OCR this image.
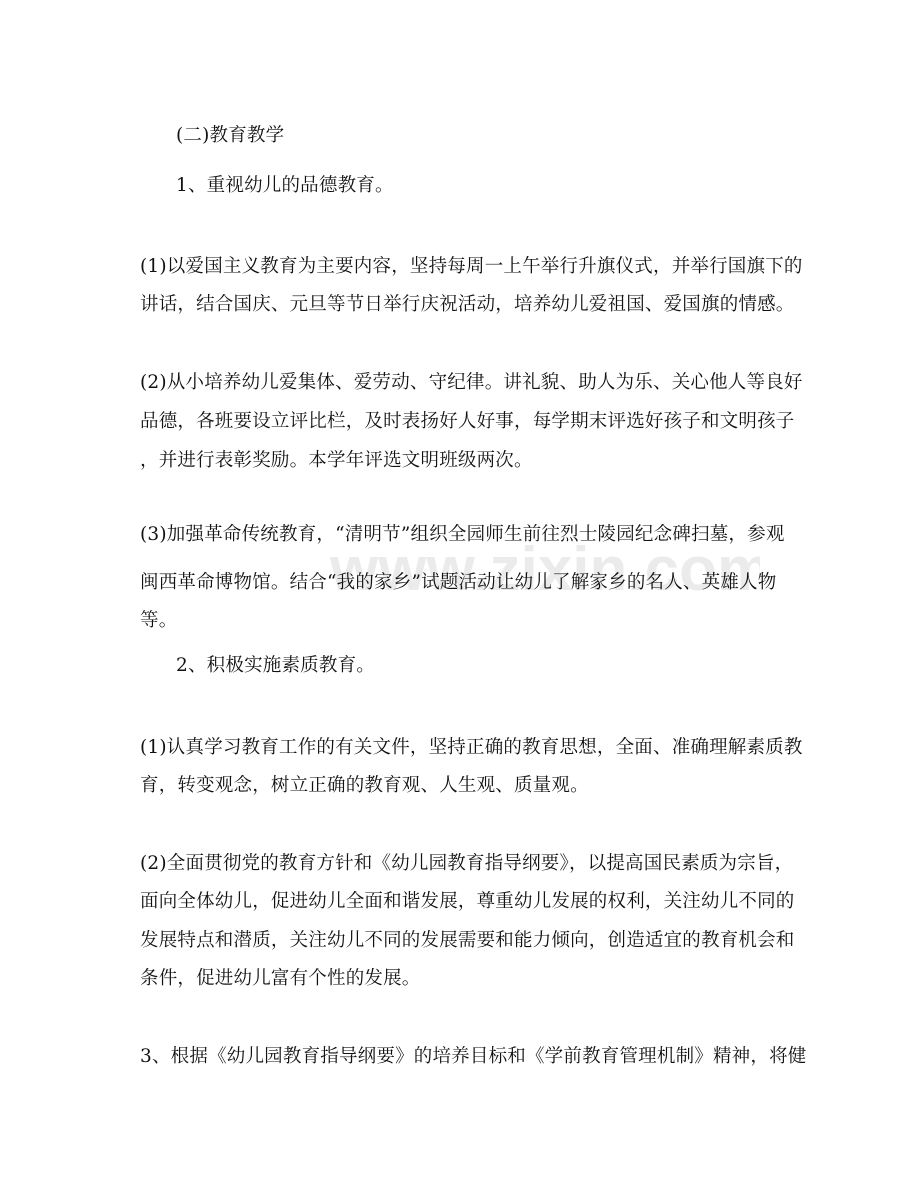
www.zixin.com
(二)教育教学
1、重视幼儿的品德教育。
(1)以爱国主义教育为主要内容，坚持每周一上午举行升旗仪式，并举行国旗下的
讲话，结合国庆、元旦等节日举行庆祝活动，培养幼儿爱祖国、爱国旗的情感。
(2)从小培养幼儿爱集体、爱劳动、守纪律。讲礼貌、助人为乐、关心他人等良好
品德，各班要设立评比栏，及时表扬好人好事，每学期末评选好孩子和文明孩子
，并进行表彰奖励。本学年评选文明班级两次。
(3)加强革命传统教育，“清明节”组织全园师生前往烈士陵园纪念碑扫墓，参观
闽西革命博物馆。结合“我的家乡”试题活动让幼儿了解家乡的名人、英雄人物
等。
2、积极实施素质教育。
(1)认真学习教育工作的有关文件，坚持正确的教育思想，全面、准确理解素质教
育，转变观念，树立正确的教育观、人生观、质量观。
(2)全面贯彻党的教育方针和《幼儿园教育指导纲要》，以提高国民素质为宗旨，
面向全体幼儿，促进幼儿全面和谐发展，尊重幼儿发展的权利，关注幼儿不同的
发展特点和潜质，关注幼儿不同的发展需要和能力倾向，创造适宜的教育机会和
条件，促进幼儿富有个性的发展。
3、根据《幼儿园教育指导纲要》的培养目标和《学前教育管理机制》精神，将健
